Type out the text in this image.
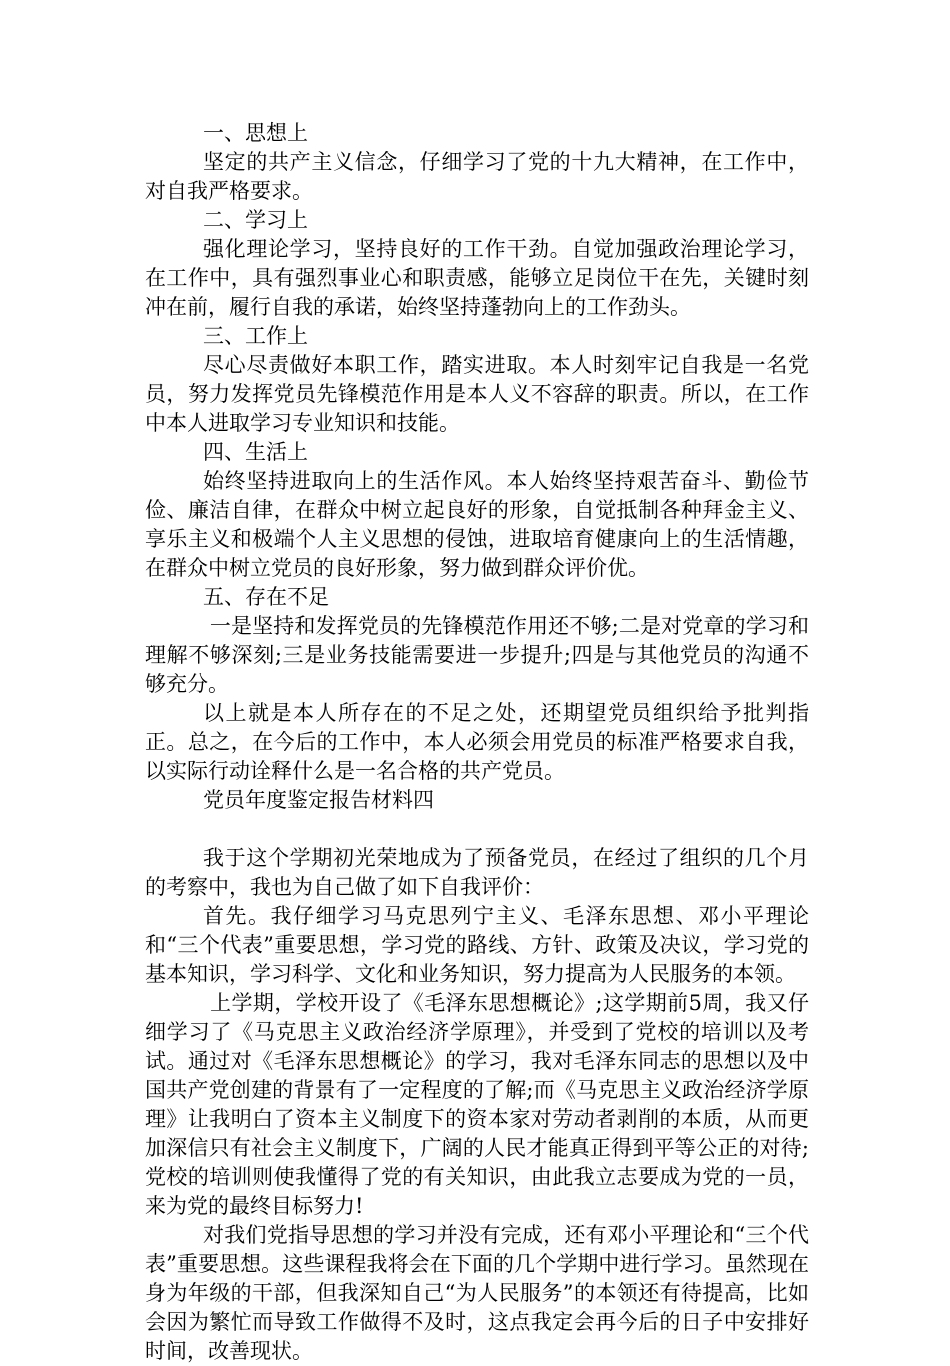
一、思想上

坚定的共产主义信念，仔细学习了党的十九大精神，在工作中，对自我严格要求。

二、学习上

强化理论学习，坚持良好的工作干劲。自觉加强政治理论学习，在工作中，具有强烈事业心和职责感，能够立足岗位干在先，关键时刻冲在前，履行自我的承诺，始终坚持蓬勃向上的工作劲头。

三、工作上

尽心尽责做好本职工作，踏实进取。本人时刻牢记自我是一名党员，努力发挥党员先锋模范作用是本人义不容辞的职责。所以，在工作中本人进取学习专业知识和技能。

四、生活上

始终坚持进取向上的生活作风。本人始终坚持艰苦奋斗、勤俭节俭、廉洁自律，在群众中树立起良好的形象，自觉抵制各种拜金主义、享乐主义和极端个人主义思想的侵蚀，进取培育健康向上的生活情趣，在群众中树立党员的良好形象，努力做到群众评价优。

五、存在不足

一是坚持和发挥党员的先锋模范作用还不够;二是对党章的学习和理解不够深刻;三是业务技能需要进一步提升;四是与其他党员的沟通不够充分。

以上就是本人所存在的不足之处，还期望党员组织给予批判指正。总之，在今后的工作中，本人必须会用党员的标准严格要求自我，以实际行动诠释什么是一名合格的共产党员。

党员年度鉴定报告材料四

我于这个学期初光荣地成为了预备党员，在经过了组织的几个月的考察中，我也为自己做了如下自我评价：

首先。我仔细学习马克思列宁主义、毛泽东思想、邓小平理论和“三个代表”重要思想，学习党的路线、方针、政策及决议，学习党的基本知识，学习科学、文化和业务知识，努力提高为人民服务的本领。

上学期，学校开设了《毛泽东思想概论》;这学期前5周，我又仔细学习了《马克思主义政治经济学原理》，并受到了党校的培训以及考试。通过对《毛泽东思想概论》的学习，我对毛泽东同志的思想以及中国共产党创建的背景有了一定程度的了解;而《马克思主义政治经济学原理》让我明白了资本主义制度下的资本家对劳动者剥削的本质，从而更加深信只有社会主义制度下，广阔的人民才能真正得到平等公正的对待;党校的培训则使我懂得了党的有关知识，由此我立志要成为党的一员，来为党的最终目标努力!

对我们党指导思想的学习并没有完成，还有邓小平理论和“三个代表”重要思想。这些课程我将会在下面的几个学期中进行学习。虽然现在身为年级的干部，但我深知自己“为人民服务”的本领还有待提高，比如会因为繁忙而导致工作做得不及时，这点我定会再今后的日子中安排好时间，改善现状。
